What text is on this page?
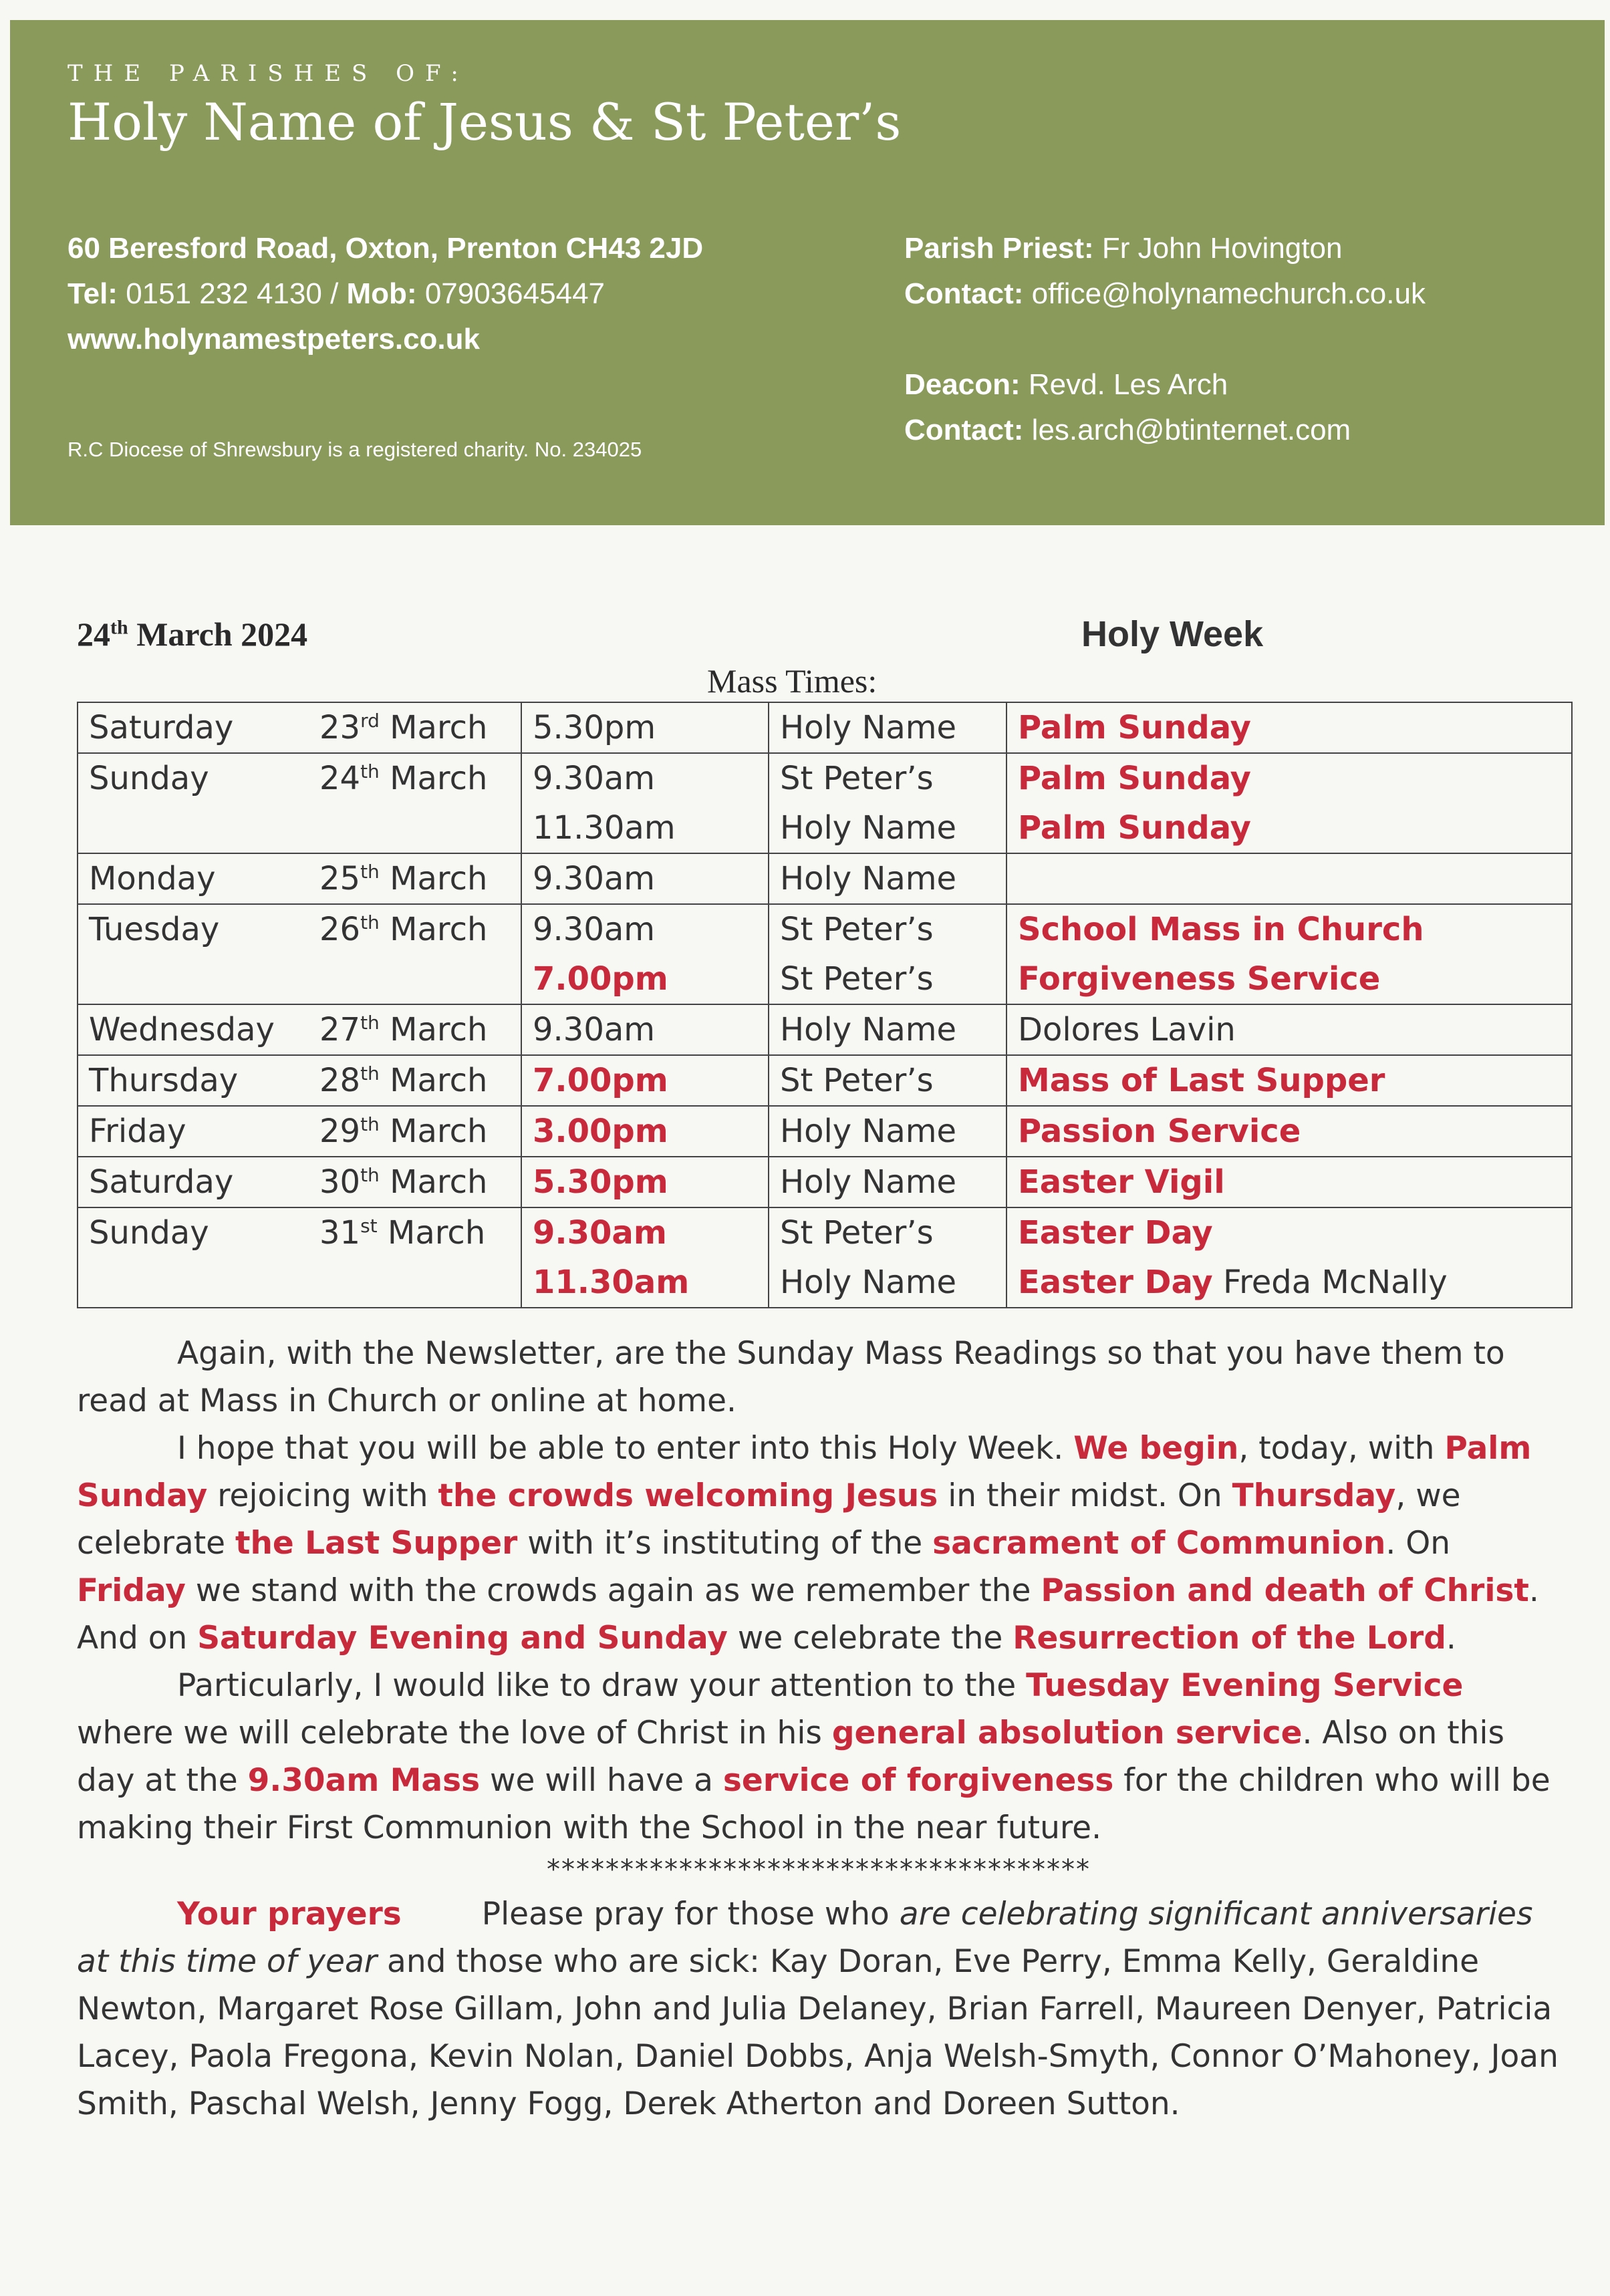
THE PARISHES OF:
Holy Name of Jesus & St Peter’s
60 Beresford Road, Oxton, Prenton CH43 2JD
Tel: 0151 232 4130 / Mob: 07903645447
www.holynamestpeters.co.uk
Parish Priest: Fr John Hovington
Contact: office@holynamechurch.co.uk
Deacon: Revd. Les Arch
Contact: les.arch@btinternet.com
R.C Diocese of Shrewsbury is a registered charity. No. 234025
24th March 2024	Holy Week
Mass Times:
Saturday 23rd March	5.30pm	Holy Name	Palm Sunday
Sunday 24th March	9.30am	St Peter’s	Palm Sunday
	11.30am	Holy Name	Palm Sunday
Monday 25th March	9.30am	Holy Name	
Tuesday 26th March	9.30am	St Peter’s	School Mass in Church
	7.00pm	St Peter’s	Forgiveness Service
Wednesday 27th March	9.30am	Holy Name	Dolores Lavin
Thursday 28th March	7.00pm	St Peter’s	Mass of Last Supper
Friday 29th March	3.00pm	Holy Name	Passion Service
Saturday 30th March	5.30pm	Holy Name	Easter Vigil
Sunday 31st March	9.30am	St Peter’s	Easter Day
	11.30am	Holy Name	Easter Day Freda McNally

Again, with the Newsletter, are the Sunday Mass Readings so that you have them to read at Mass in Church or online at home.

I hope that you will be able to enter into this Holy Week. We begin, today, with Palm Sunday rejoicing with the crowds welcoming Jesus in their midst. On Thursday, we celebrate the Last Supper with it’s instituting of the sacrament of Communion. On Friday we stand with the crowds again as we remember the Passion and death of Christ. And on Saturday Evening and Sunday we celebrate the Resurrection of the Lord.

Particularly, I would like to draw your attention to the Tuesday Evening Service where we will celebrate the love of Christ in his general absolution service. Also on this day at the 9.30am Mass we will have a service of forgiveness for the children who will be making their First Communion with the School in the near future.

*************************************

Your prayers	Please pray for those who are celebrating significant anniversaries at this time of year and those who are sick: Kay Doran, Eve Perry, Emma Kelly, Geraldine Newton, Margaret Rose Gillam, John and Julia Delaney, Brian Farrell, Maureen Denyer, Patricia Lacey, Paola Fregona, Kevin Nolan, Daniel Dobbs, Anja Welsh-Smyth, Connor O’Mahoney, Joan Smith, Paschal Welsh, Jenny Fogg, Derek Atherton and Doreen Sutton.
